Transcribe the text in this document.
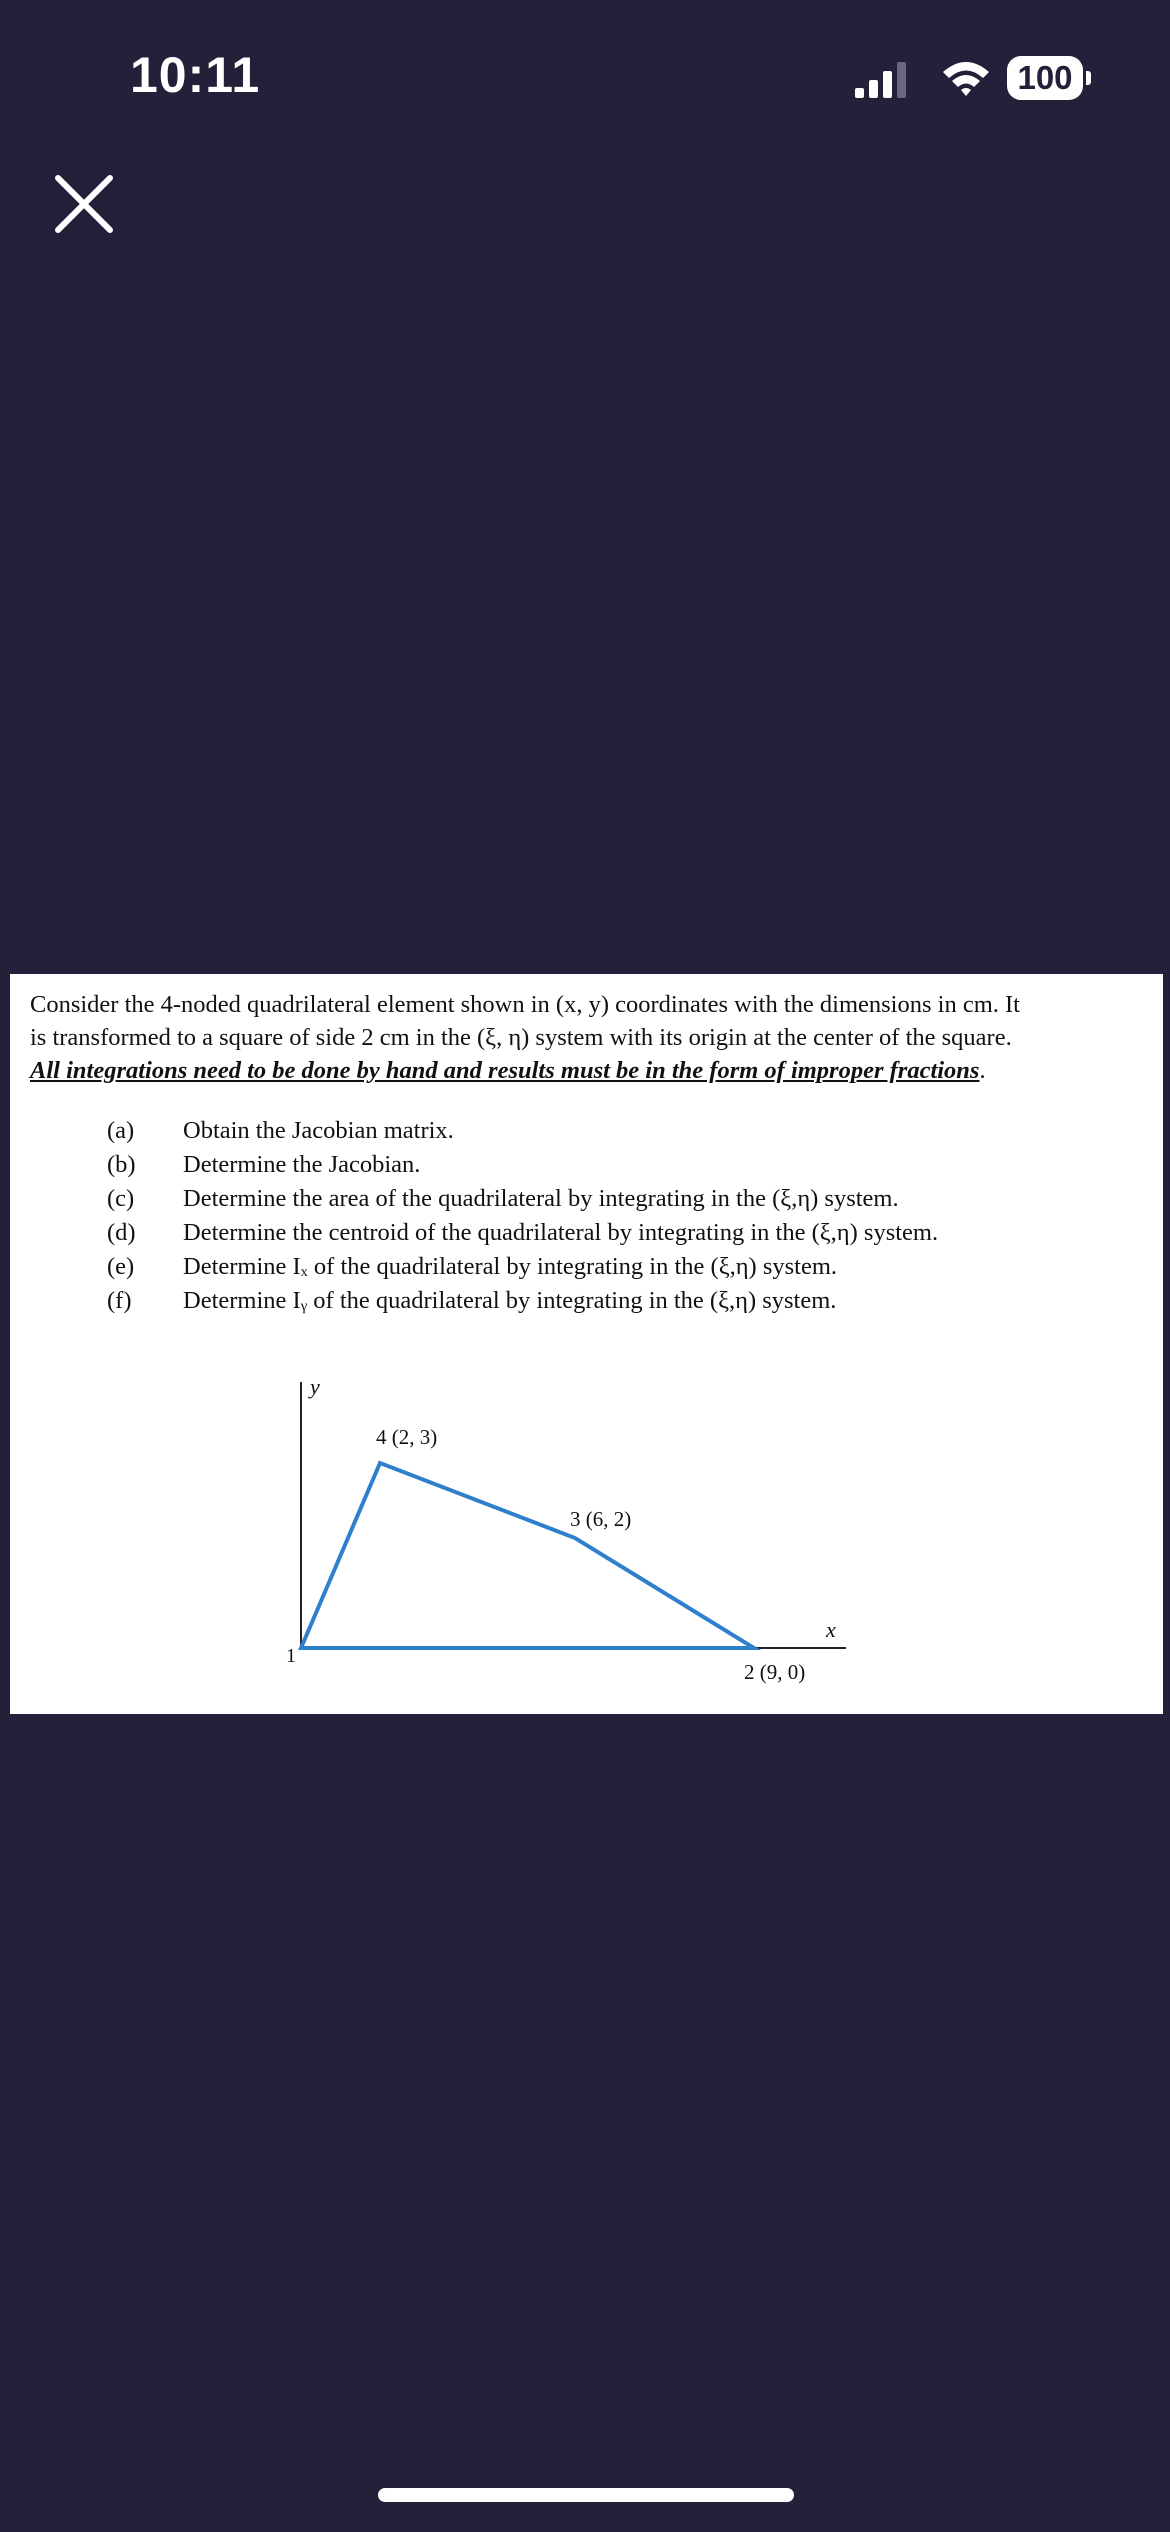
10:11	100
Consider the 4-noded quadrilateral element shown in (x, y) coordinates with the dimensions in cm. It
is transformed to a square of side 2 cm in the (ξ, η) system with its origin at the center of the square.
All integrations need to be done by hand and results must be in the form of improper fractions.
(a)	Obtain the Jacobian matrix.
(b)	Determine the Jacobian.
(c)	Determine the area of the quadrilateral by integrating in the (ξ,η) system.
(d)	Determine the centroid of the quadrilateral by integrating in the (ξ,η) system.
(e)	Determine Iₓ of the quadrilateral by integrating in the (ξ,η) system.
(f)	Determine Iᵧ of the quadrilateral by integrating in the (ξ,η) system.
y
x
1
2 (9, 0)
3 (6, 2)
4 (2, 3)
